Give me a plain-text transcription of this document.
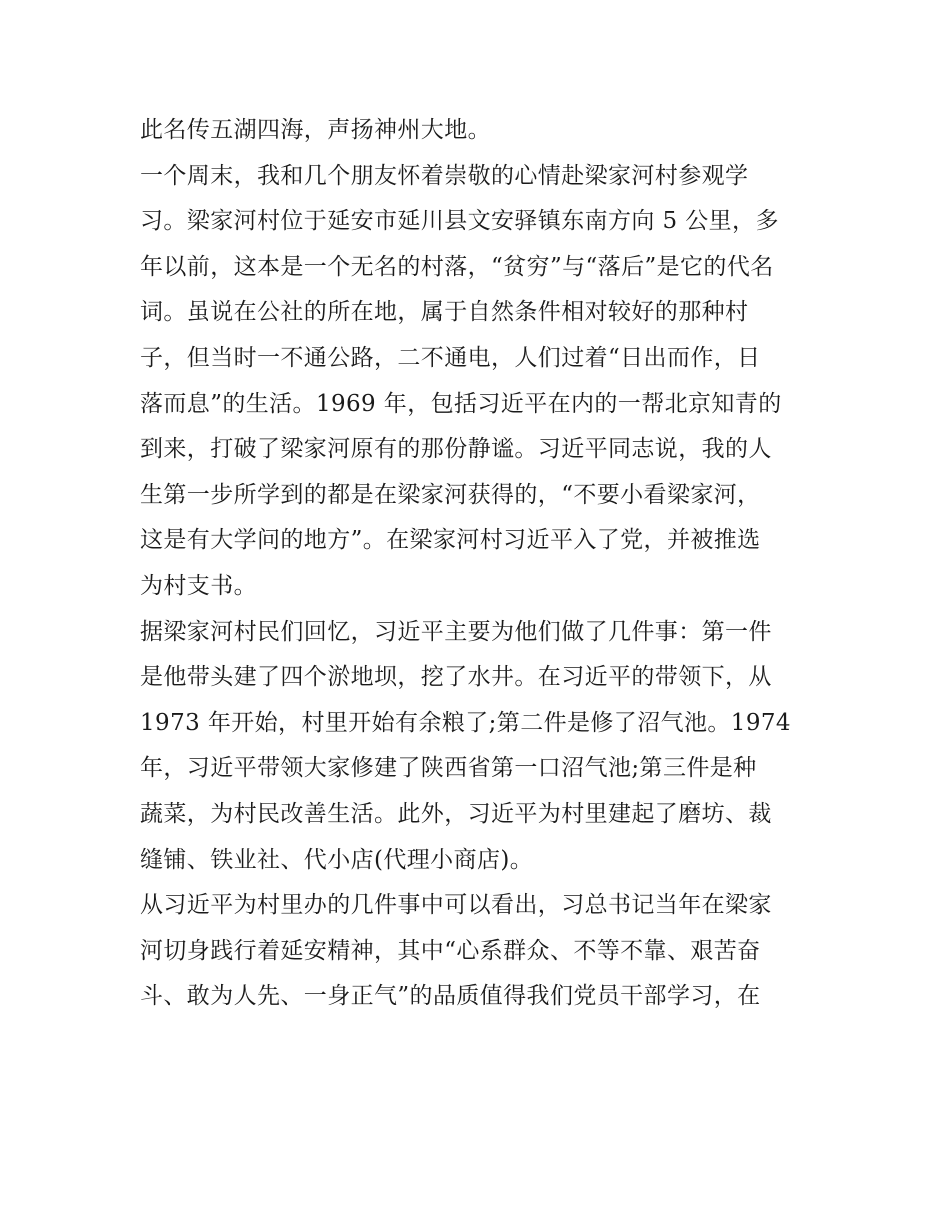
此名传五湖四海，声扬神州大地。
一个周末，我和几个朋友怀着崇敬的心情赴梁家河村参观学
习。梁家河村位于延安市延川县文安驿镇东南方向 5 公里，多
年以前，这本是一个无名的村落，“贫穷”与“落后”是它的代名
词。虽说在公社的所在地，属于自然条件相对较好的那种村
子，但当时一不通公路，二不通电，人们过着“日出而作，日
落而息”的生活。1969 年，包括习近平在内的一帮北京知青的
到来，打破了梁家河原有的那份静谧。习近平同志说，我的人
生第一步所学到的都是在梁家河获得的，“不要小看梁家河，
这是有大学问的地方”。在梁家河村习近平入了党，并被推选
为村支书。
据梁家河村民们回忆，习近平主要为他们做了几件事：第一件
是他带头建了四个淤地坝，挖了水井。在习近平的带领下，从
1973 年开始，村里开始有余粮了;第二件是修了沼气池。1974
年，习近平带领大家修建了陕西省第一口沼气池;第三件是种
蔬菜，为村民改善生活。此外，习近平为村里建起了磨坊、裁
缝铺、铁业社、代小店(代理小商店)。
从习近平为村里办的几件事中可以看出，习总书记当年在梁家
河切身践行着延安精神，其中“心系群众、不等不靠、艰苦奋
斗、敢为人先、一身正气”的品质值得我们党员干部学习，在
